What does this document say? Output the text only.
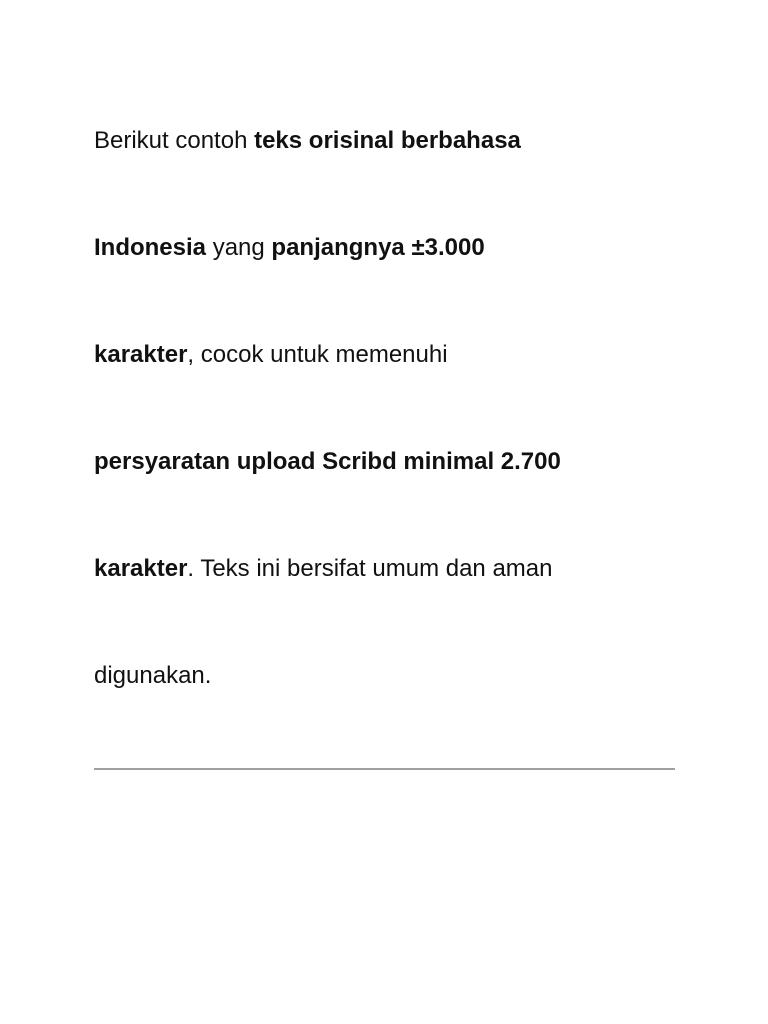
Berikut contoh teks orisinal berbahasa
Indonesia yang panjangnya ±3.000
karakter, cocok untuk memenuhi
persyaratan upload Scribd minimal 2.700
karakter. Teks ini bersifat umum dan aman
digunakan.
